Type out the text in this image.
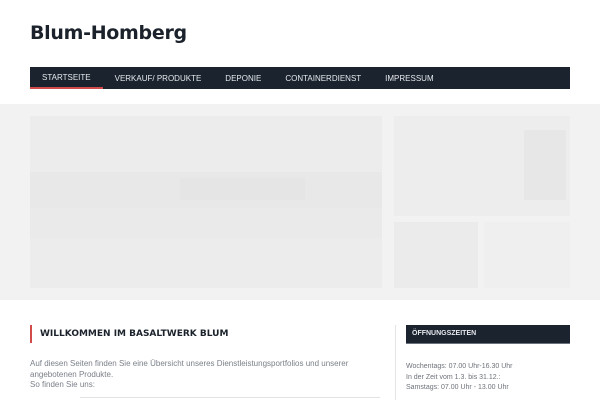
Blum-Homberg
STARTSEITE	VERKAUF/ PRODUKTE	DEPONIE	CONTAINERDIENST	IMPRESSUM
WILLKOMMEN IM BASALTWERK BLUM
Auf diesen Seiten finden Sie eine Übersicht unseres Dienstleistungsportfolios und unserer
angebotenen Produkte.
So finden Sie uns:
ÖFFNUNGSZEITEN
Wochentags: 07.00 Uhr-16.30 Uhr
In der Zeit vom 1.3. bis 31.12.:
Samstags: 07.00 Uhr - 13.00 Uhr
